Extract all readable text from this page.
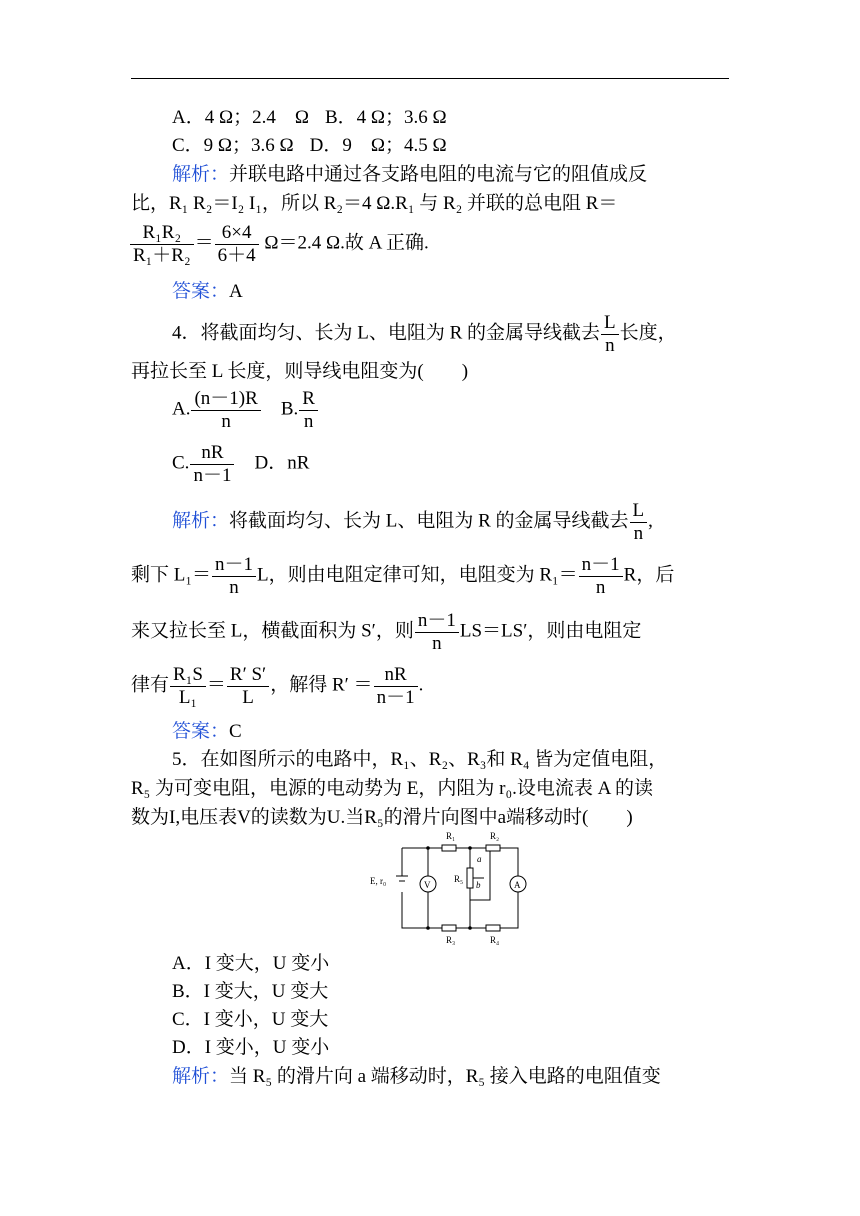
A．4 Ω；2.4　Ω B．4 Ω；3.6 Ω
C．9 Ω；3.6 Ω D．9　Ω；4.5 Ω
解析：并联电路中通过各支路电阻的电流与它的阻值成反
比，R₁ R₂＝I₂ I₁，所以 R₂＝4 Ω.R₁ 与 R₂ 并联的总电阻 R＝
$\frac{\text{R₁R₂}}{\text{R₁＋R₂}} = \frac{6\times 4}{6+4} \Omega=2.4$ Ω.故 A 正确.
答案：A
4．将截面均匀、长为 L、电阻为 R 的金属导线截去 $\frac{L}{n}$ 长度，
再拉长至 L 长度，则导线电阻变为(　　)
A. $\frac{(n-1)R}{n}$
　 B. $\frac{R}{n}$
C. $\frac{nR}{n-1}$
　 D．nR
解析：将截面均匀、长为 L、电阻为 R 的金属导线截去 $\frac{L}{n}$ ,
剩下 $L_1= \frac{n-1}{n}$ L，则由电阻定律可知，电阻变为 $R_1= \frac{n-1}{n}$ R，后
来又拉长至 L，横截面积为 S′，则 $\frac{n-1}{n} LS=LS'$，则由电阻定
律有 $\frac{\text{R₁S}}{\text{L₁}} = \frac{R' S'}{L}$ ，解得 $R' = \frac{nR}{n-1}$ .
答案：C
5．在如图所示的电路中，R₁、R₂、R₃和 R₄ 皆为定值电阻，
R₅ 为可变电阻，电源的电动势为 E，内阻为 r₀.设电流表 A 的读
数为I,电压表V的读数为U.当R₅的滑片向图中a端移动时(　　)
R₁	R₂
R₃	R₄
R₅
a
b
E, r₀	V	A
A．I 变大，U 变小
B．I 变大，U 变大
C．I 变小，U 变大
D．I 变小，U 变小
解析：当 R₅ 的滑片向 a 端移动时，R₅ 接入电路的电阻值变
